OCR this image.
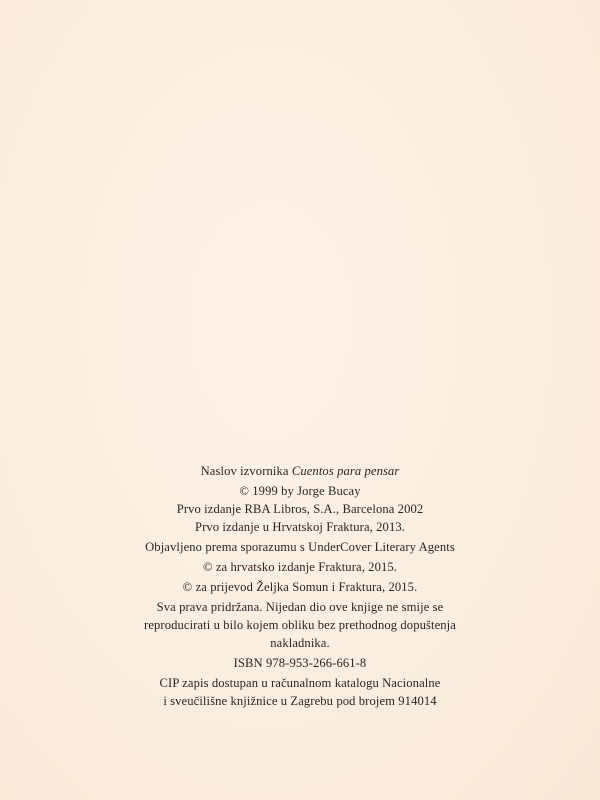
Naslov izvornika Cuentos para pensar
© 1999 by Jorge Bucay
Prvo izdanje RBA Libros, S.A., Barcelona 2002
Prvo izdanje u Hrvatskoj Fraktura, 2013.
Objavljeno prema sporazumu s UnderCover Literary Agents
© za hrvatsko izdanje Fraktura, 2015.
© za prijevod Željka Somun i Fraktura, 2015.
Sva prava pridržana. Nijedan dio ove knjige ne smije se
reproducirati u bilo kojem obliku bez prethodnog dopuštenja
nakladnika.
ISBN 978-953-266-661-8
CIP zapis dostupan u računalnom katalogu Nacionalne
i sveučilišne knjižnice u Zagrebu pod brojem 914014
